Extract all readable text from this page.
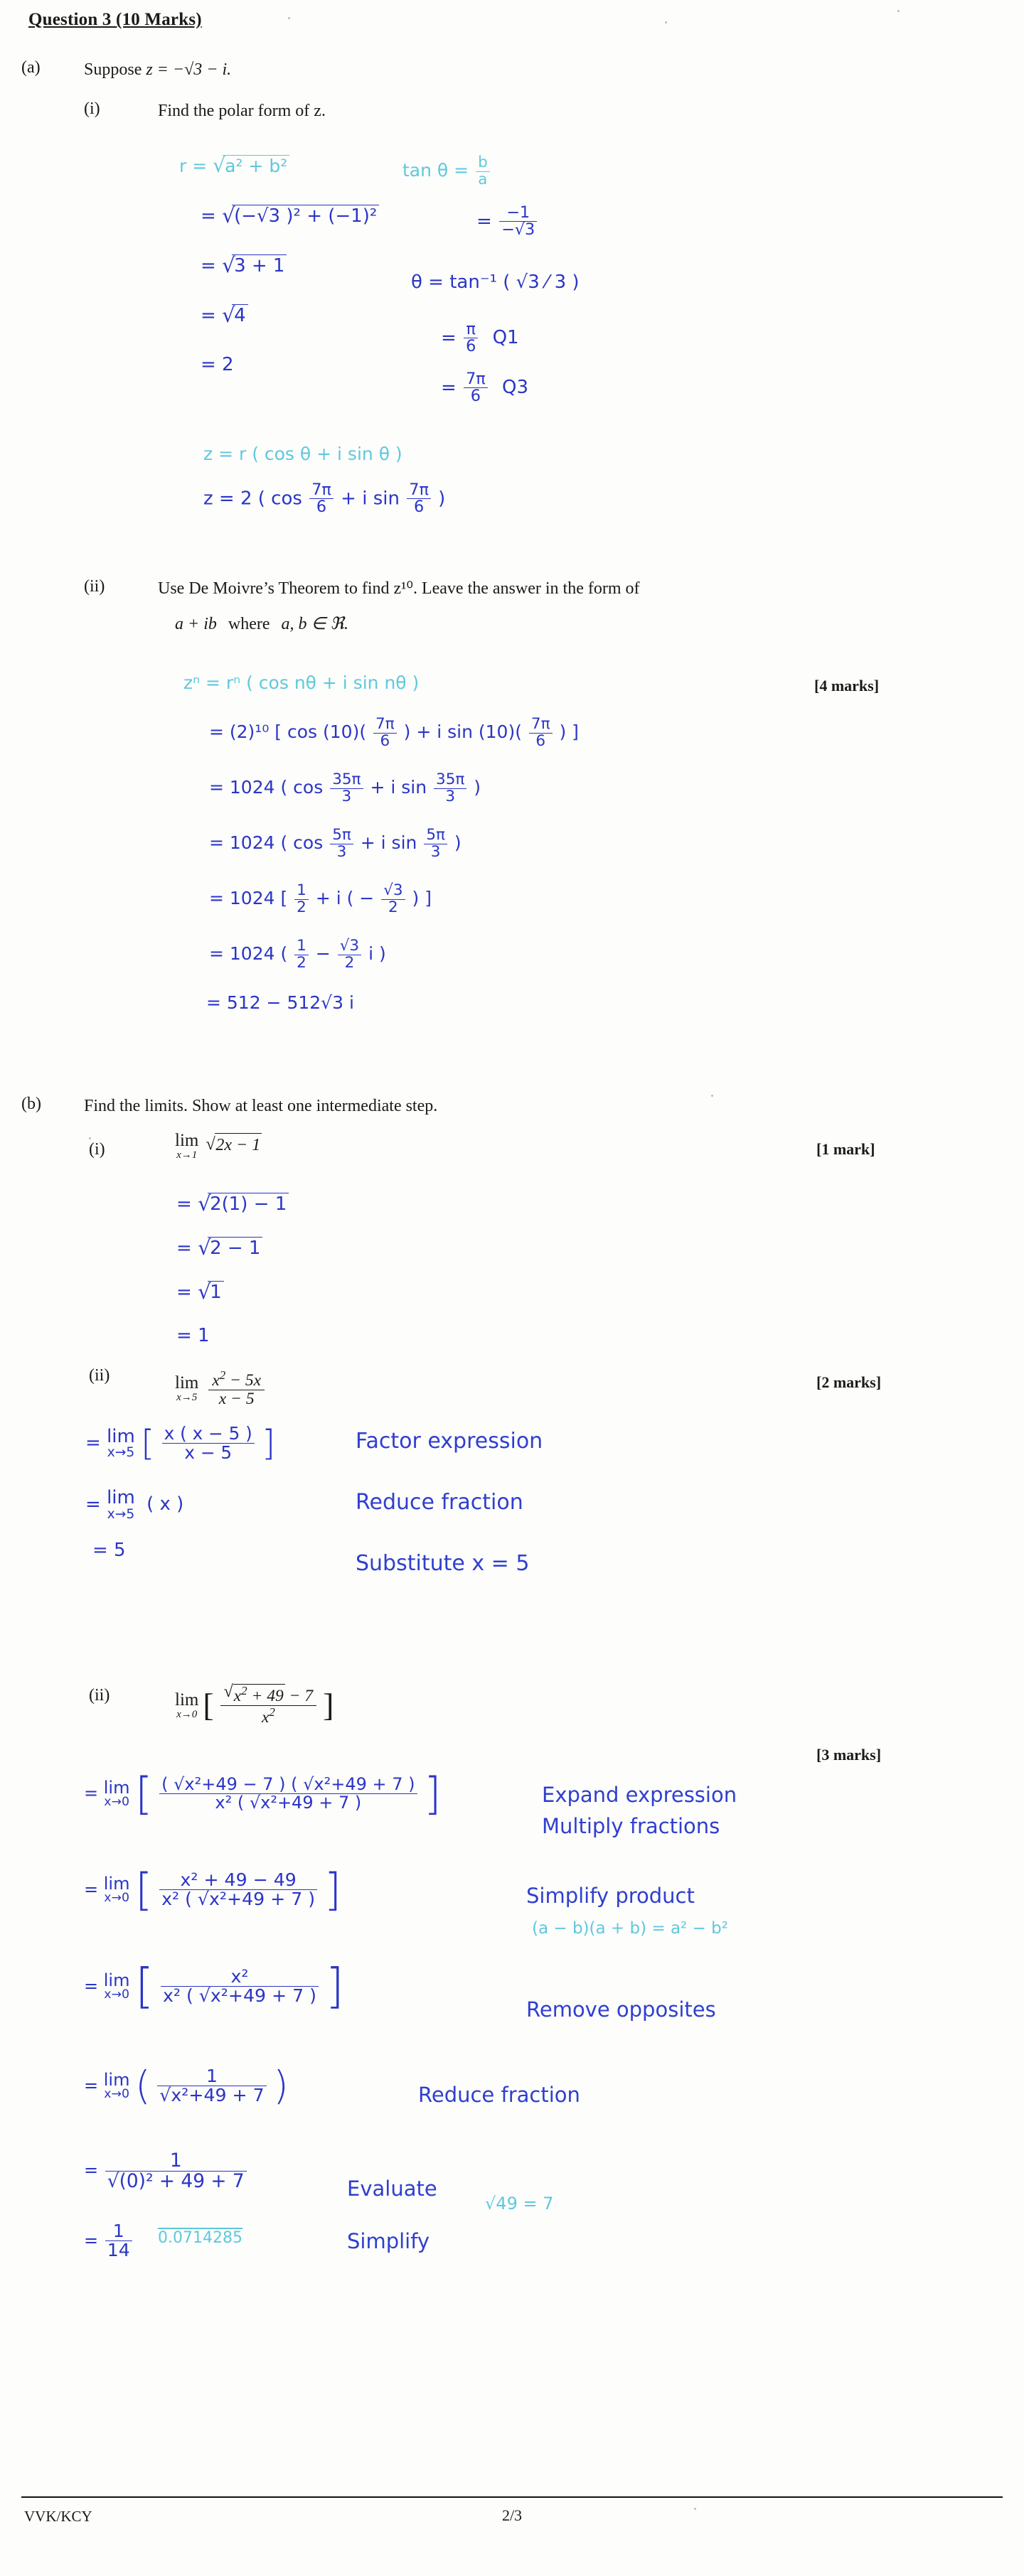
Question 3 (10 Marks)
(a)	Suppose z = −√3 − i.
(i)	Find the polar form of z.
r = √ a² + b²
= √ (−√3 )² + (−1)²
= √ 3 + 1
= √ 4
= 2
$\tan \theta = \frac{b}{a}$
= $\frac{-1}{-√3}$
θ = tan⁻¹ ( √3 ⁄ 3 )
= $\frac{\pi}{6} Q1$
= $\frac{7\pi}{6} Q3$
z = r ( cos θ + i sin θ )
z = 2 ( $\cos \frac{7\pi}{6} + i$ $\sin \frac{7\pi}{6}$ )
(ii)	Use De Moivre’s Theorem to find z¹⁰. Leave the answer in the form of
a + ib where a, b ∈ ℜ.
[4 marks]
zⁿ = rⁿ ( cos nθ + i sin nθ )
= (2)¹⁰ [ $\cos (10)( \frac{7\pi}{6}$ ) + i $\sin (10)( \frac{7\pi}{6}$ ) ]
= 1024 ( $\cos \frac{35\pi}{3} + i$ $\sin \frac{35\pi}{3}$ )
= 1024 ( $\cos \frac{5\pi}{3} + i$ $\sin \frac{5\pi}{3}$ )
= 1024 [ $\frac{1}{2} + i$ ( − $\frac{√3}{2}$ ) ]
= 1024 ( $\frac{1}{2} - \frac{√3}{2}$ i )
= 512 − 512√3 i
(b)	Find the limits. Show at least one intermediate step.
(i)	lim
x→1
√ 2x − 1	[1 mark]
= √ 2(1) − 1
= √ 2 − 1
= √ 1
= 1
(ii)	lim
x→5
$\frac{x^2 - 5x}{x - 5}$	[2 marks]
= lim
x→5 [ $\frac{x ( x - 5 )}{x - 5}$ ]
= lim
x→5 ( x )
= 5
Factor expression
Reduce fraction
Substitute x = 5
(ii)	lim
x→0 [ √ $\frac{x^2 + 49 - 7}{x^2}$ ]
[3 marks]
= lim
x→0 [ $\frac{\text{( √x²+49 − 7 ) ( √x²+49 + 7 )}}{\text{x² ( √x²+49 + 7 )}}$ ]	Expand expression
Multiply fractions
= lim
x→0 [ $\frac{\text{x² + 49 − 49}}{\text{x² ( √x²+49 + 7 )}}$ ]	Simplify product
(a − b)(a + b) = a² − b²
= lim
x→0 [ $\frac{\text{x²}}{\text{x² ( √x²+49 + 7 )}}$ ]	Remove opposites
= lim
x→0 ( $\frac{1}{\text{√x²+49 + 7}}$ )	Reduce fraction
= $\frac{1}{\text{√(0)² + 49 + 7}}$	Evaluate
= $\frac{1}{14} 0.0714285$	Simplify
√49 = 7
VVK/KCY	2/3
